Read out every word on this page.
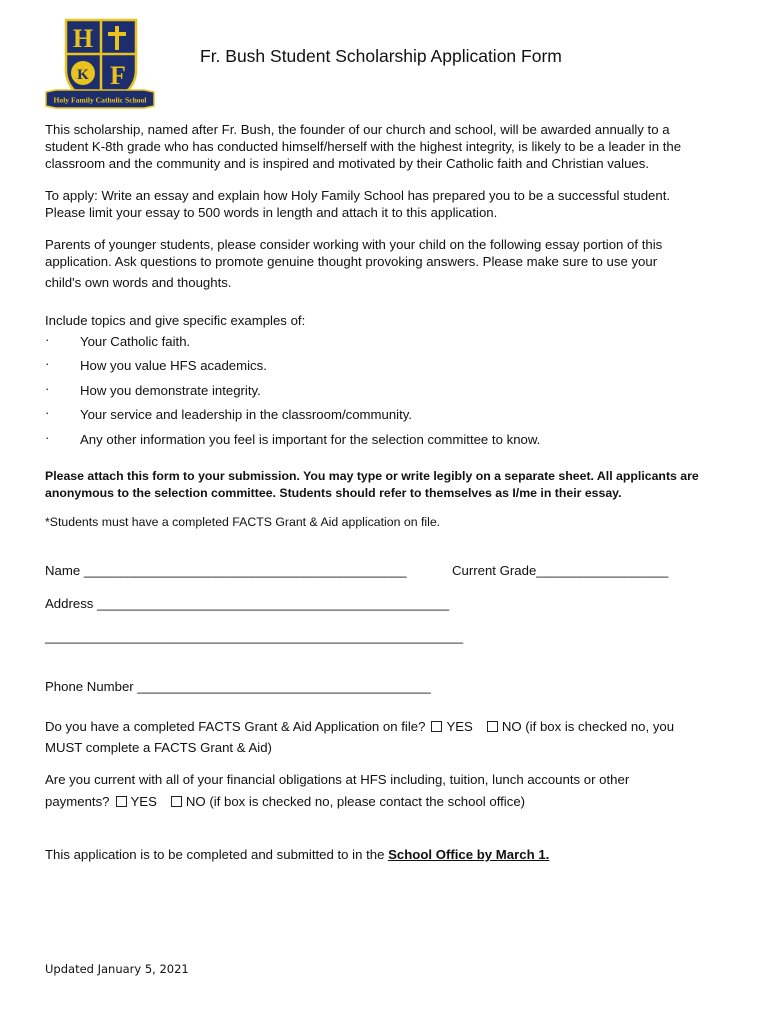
H
K F
Holy Family Catholic School
Fr. Bush Student Scholarship Application Form
This scholarship, named after Fr. Bush, the founder of our church and school, will be awarded annually to a
student K-8th grade who has conducted himself/herself with the highest integrity, is likely to be a leader in the
classroom and the community and is inspired and motivated by their Catholic faith and Christian values.
To apply: Write an essay and explain how Holy Family School has prepared you to be a successful student.
Please limit your essay to 500 words in length and attach it to this application.
Parents of younger students, please consider working with your child on the following essay portion of this
application. Ask questions to promote genuine thought provoking answers. Please make sure to use your
child's own words and thoughts.
Include topics and give specific examples of:
· Your Catholic faith.
· How you value HFS academics.
· How you demonstrate integrity.
· Your service and leadership in the classroom/community.
· Any other information you feel is important for the selection committee to know.
Please attach this form to your submission. You may type or write legibly on a separate sheet. All applicants are
anonymous to the selection committee. Students should refer to themselves as I/me in their essay.
*Students must have a completed FACTS Grant & Aid application on file.
Name ____________________________________________	Current Grade__________________
Address ________________________________________________
_________________________________________________________
Phone Number ________________________________________
Do you have a completed FACTS Grant & Aid Application on file? YES NO (if box is checked no, you
MUST complete a FACTS Grant & Aid)
Are you current with all of your financial obligations at HFS including, tuition, lunch accounts or other
payments? YES NO (if box is checked no, please contact the school office)
This application is to be completed and submitted to in the School Office by March 1.
Updated January 5, 2021
